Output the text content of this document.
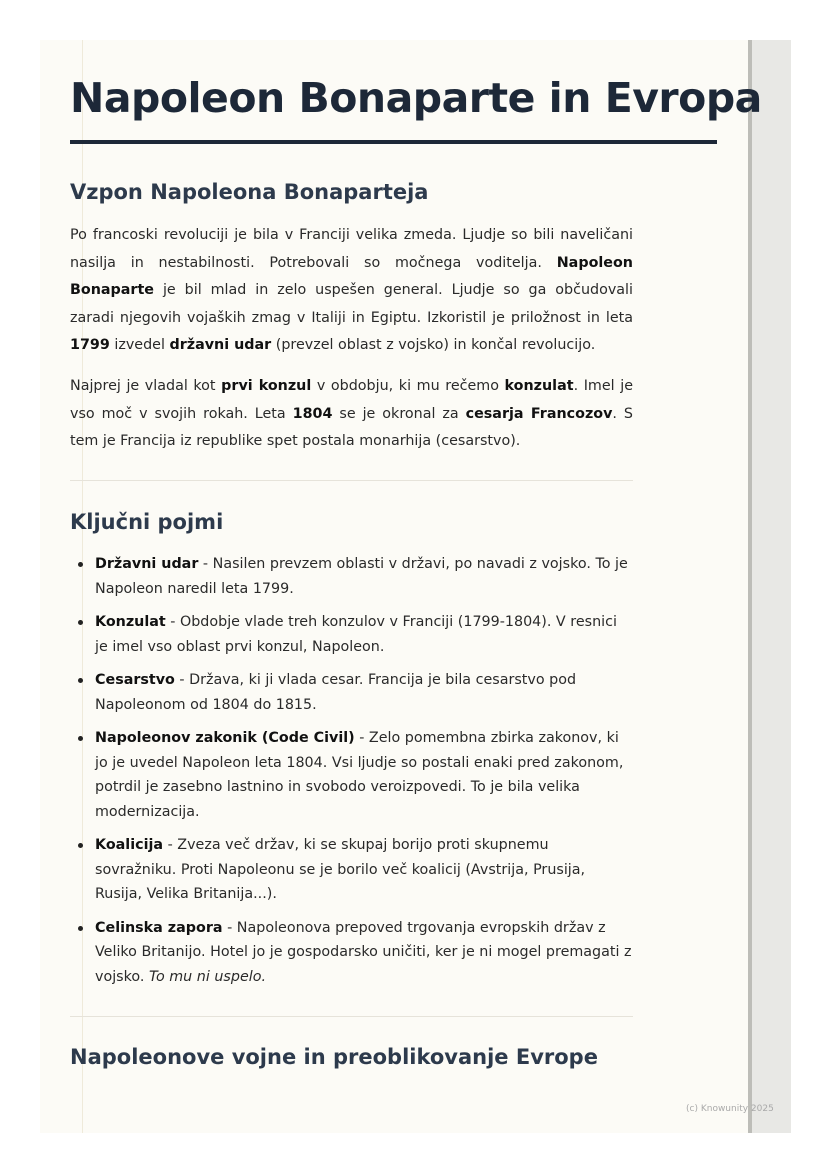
Napoleon Bonaparte in Evropa
Vzpon Napoleona Bonaparteja

Po francoski revoluciji je bila v Franciji velika zmeda. Ljudje so bili naveličani nasilja in nestabilnosti. Potrebovali so močnega voditelja. Napoleon Bonaparte je bil mlad in zelo uspešen general. Ljudje so ga občudovali zaradi njegovih vojaških zmag v Italiji in Egiptu. Izkoristil je priložnost in leta 1799 izvedel državni udar (prevzel oblast z vojsko) in končal revolucijo.

Najprej je vladal kot prvi konzul v obdobju, ki mu rečemo konzulat. Imel je vso moč v svojih rokah. Leta 1804 se je okronal za cesarja Francozov. S tem je Francija iz republike spet postala monarhija (cesarstvo).

Ključni pojmi
Državni udar - Nasilen prevzem oblasti v državi, po navadi z vojsko. To je Napoleon naredil leta 1799.
Konzulat - Obdobje vlade treh konzulov v Franciji (1799-1804). V resnici je imel vso oblast prvi konzul, Napoleon.
Cesarstvo - Država, ki ji vlada cesar. Francija je bila cesarstvo pod Napoleonom od 1804 do 1815.
Napoleonov zakonik (Code Civil) - Zelo pomembna zbirka zakonov, ki jo je uvedel Napoleon leta 1804. Vsi ljudje so postali enaki pred zakonom, potrdil je zasebno lastnino in svobodo veroizpovedi. To je bila velika modernizacija.
Koalicija - Zveza več držav, ki se skupaj borijo proti skupnemu sovražniku. Proti Napoleonu se je borilo več koalicij (Avstrija, Prusija, Rusija, Velika Britanija...).
Celinska zapora - Napoleonova prepoved trgovanja evropskih držav z Veliko Britanijo. Hotel jo je gospodarsko uničiti, ker je ni mogel premagati z vojsko. To mu ni uspelo.
Napoleonove vojne in preoblikovanje Evrope
(c) Knowunity 2025
